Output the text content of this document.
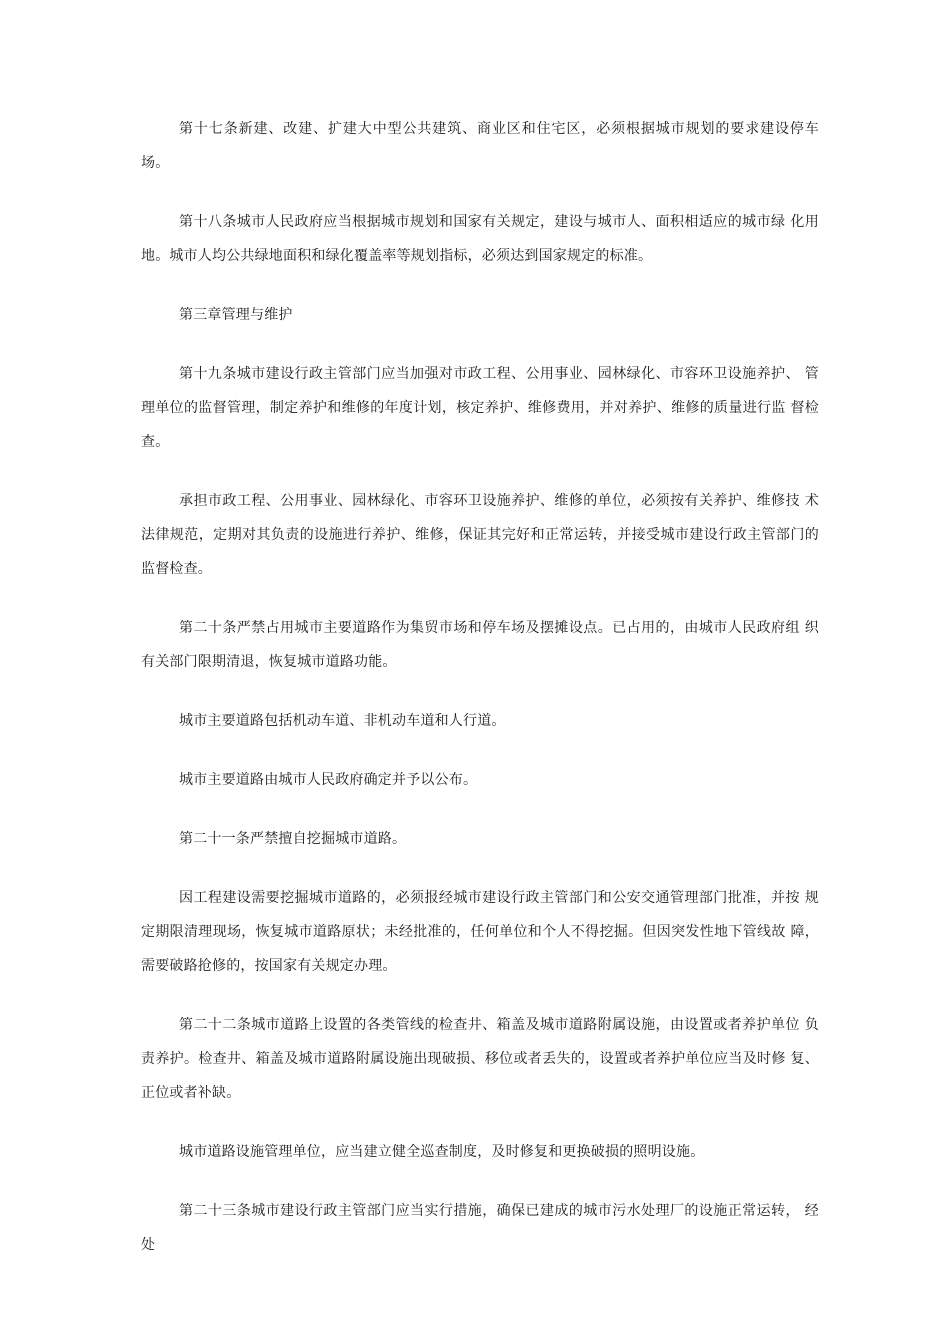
第十七条新建、改建、扩建大中型公共建筑、商业区和住宅区，必须根据城市规划的要求建设停车 场。

第十八条城市人民政府应当根据城市规划和国家有关规定，建设与城市人、面积相适应的城市绿 化用地。城市人均公共绿地面积和绿化覆盖率等规划指标，必须达到国家规定的标准。

第三章管理与维护

第十九条城市建设行政主管部门应当加强对市政工程、公用事业、园林绿化、市容环卫设施养护、 管理单位的监督管理，制定养护和维修的年度计划，核定养护、维修费用，并对养护、维修的质量进行监 督检查。

承担市政工程、公用事业、园林绿化、市容环卫设施养护、维修的单位，必须按有关养护、维修技 术法律规范，定期对其负责的设施进行养护、维修，保证其完好和正常运转，并接受城市建设行政主管部门的 监督检查。

第二十条严禁占用城市主要道路作为集贸市场和停车场及摆摊设点。已占用的，由城市人民政府组 织有关部门限期清退，恢复城市道路功能。

城市主要道路包括机动车道、非机动车道和人行道。

城市主要道路由城市人民政府确定并予以公布。

第二十一条严禁擅自挖掘城市道路。

因工程建设需要挖掘城市道路的，必须报经城市建设行政主管部门和公安交通管理部门批准，并按 规定期限清理现场，恢复城市道路原状；未经批准的，任何单位和个人不得挖掘。但因突发性地下管线故 障，需要破路抢修的，按国家有关规定办理。

第二十二条城市道路上设置的各类管线的检查井、箱盖及城市道路附属设施，由设置或者养护单位 负责养护。检查井、箱盖及城市道路附属设施出现破损、移位或者丢失的，设置或者养护单位应当及时修 复、正位或者补缺。

城市道路设施管理单位，应当建立健全巡查制度，及时修复和更换破损的照明设施。

第二十三条城市建设行政主管部门应当实行措施，确保已建成的城市污水处理厂的设施正常运转， 经处
